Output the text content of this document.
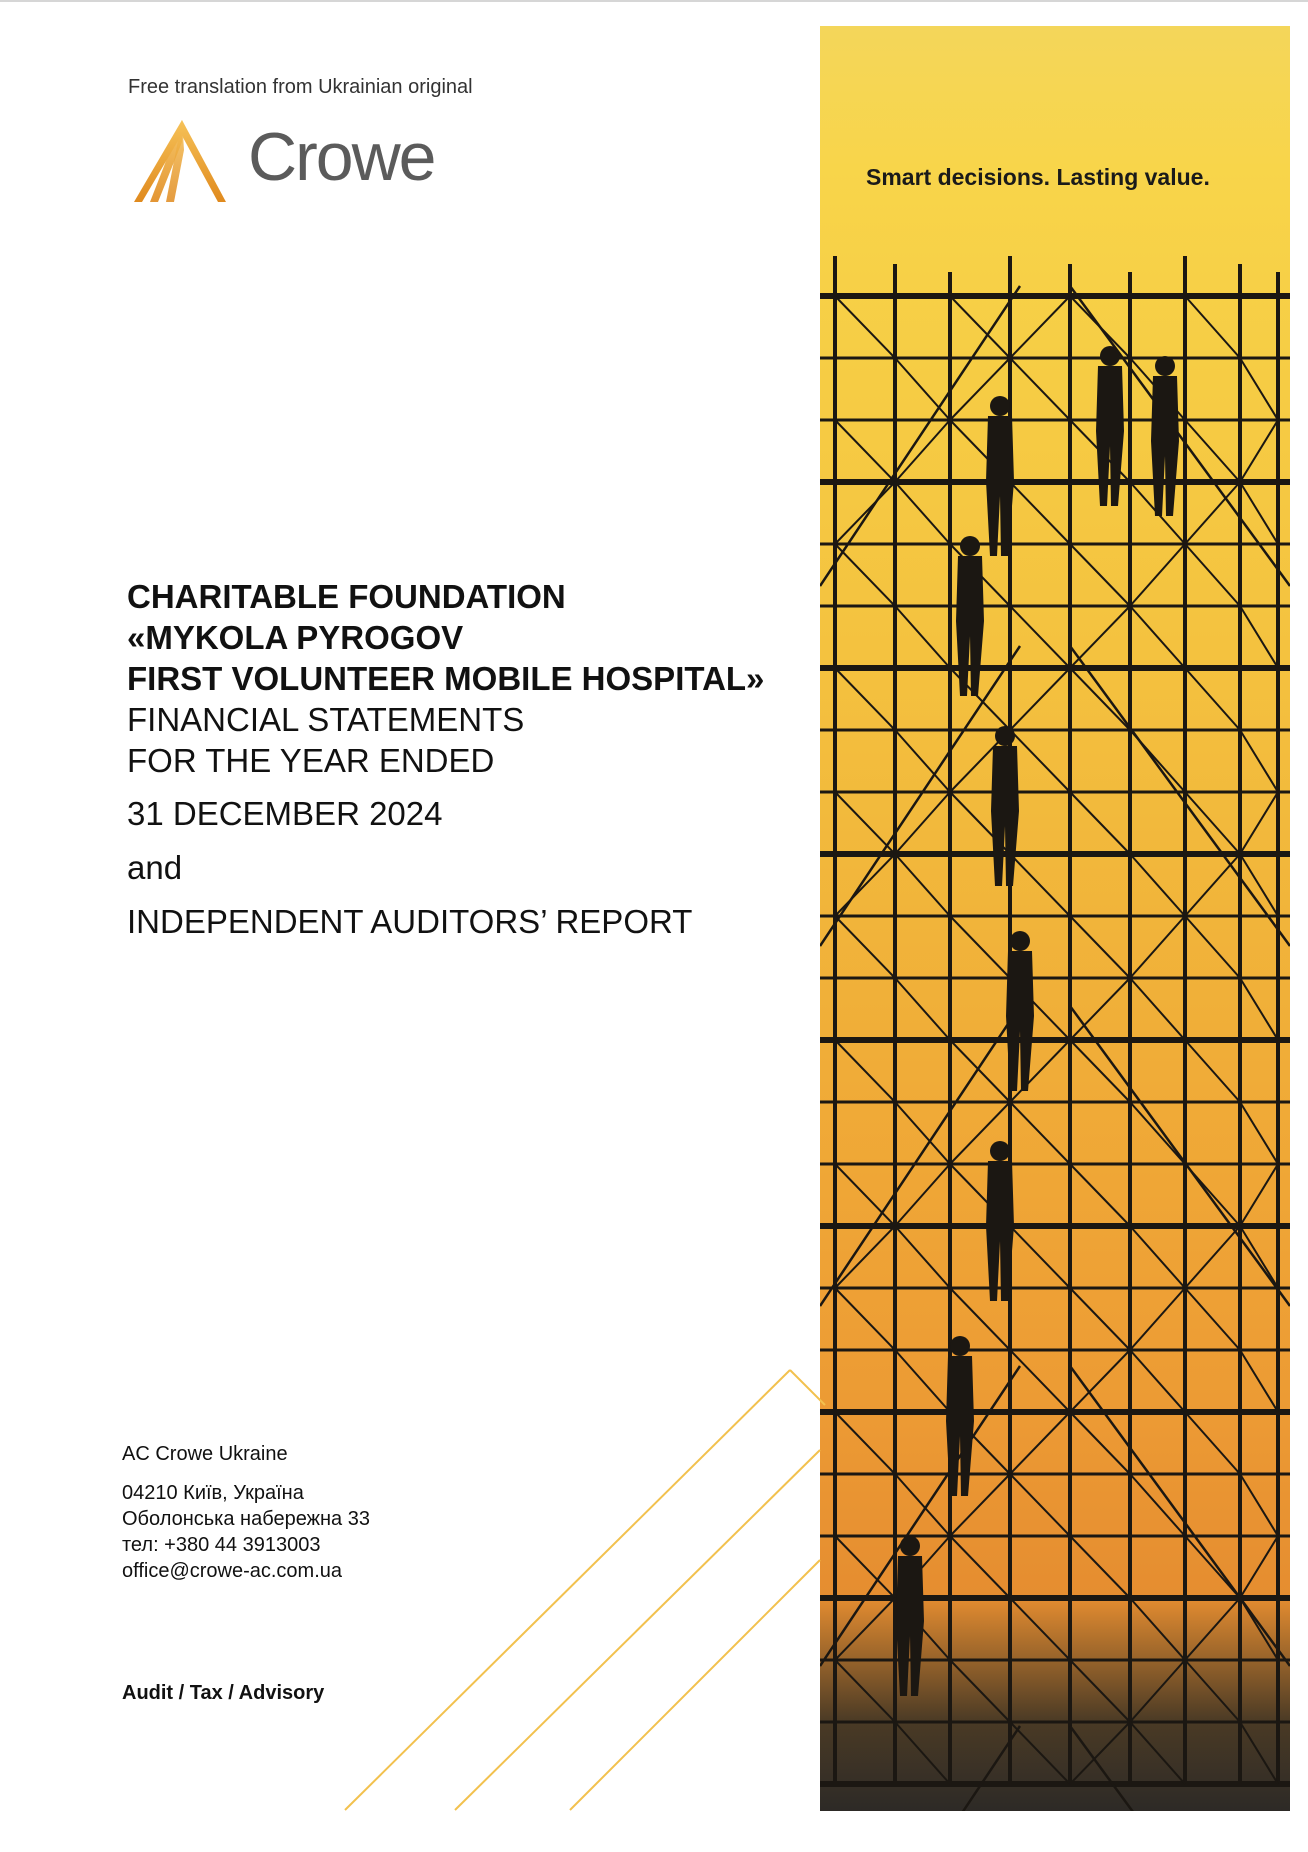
Free translation from Ukrainian original
Crowe	Smart decisions. Lasting value.
CHARITABLE FOUNDATION
«MYKOLA PYROGOV
FIRST VOLUNTEER MOBILE HOSPITAL»
FINANCIAL STATEMENTS
FOR THE YEAR ENDED
31 DECEMBER 2024
and
INDEPENDENT AUDITORS’ REPORT
AC Crowe Ukraine
04210 Київ, Україна
Оболонська набережна 33
тел: +380 44 3913003
office@crowe-ac.com.ua
Audit / Tax / Advisory
